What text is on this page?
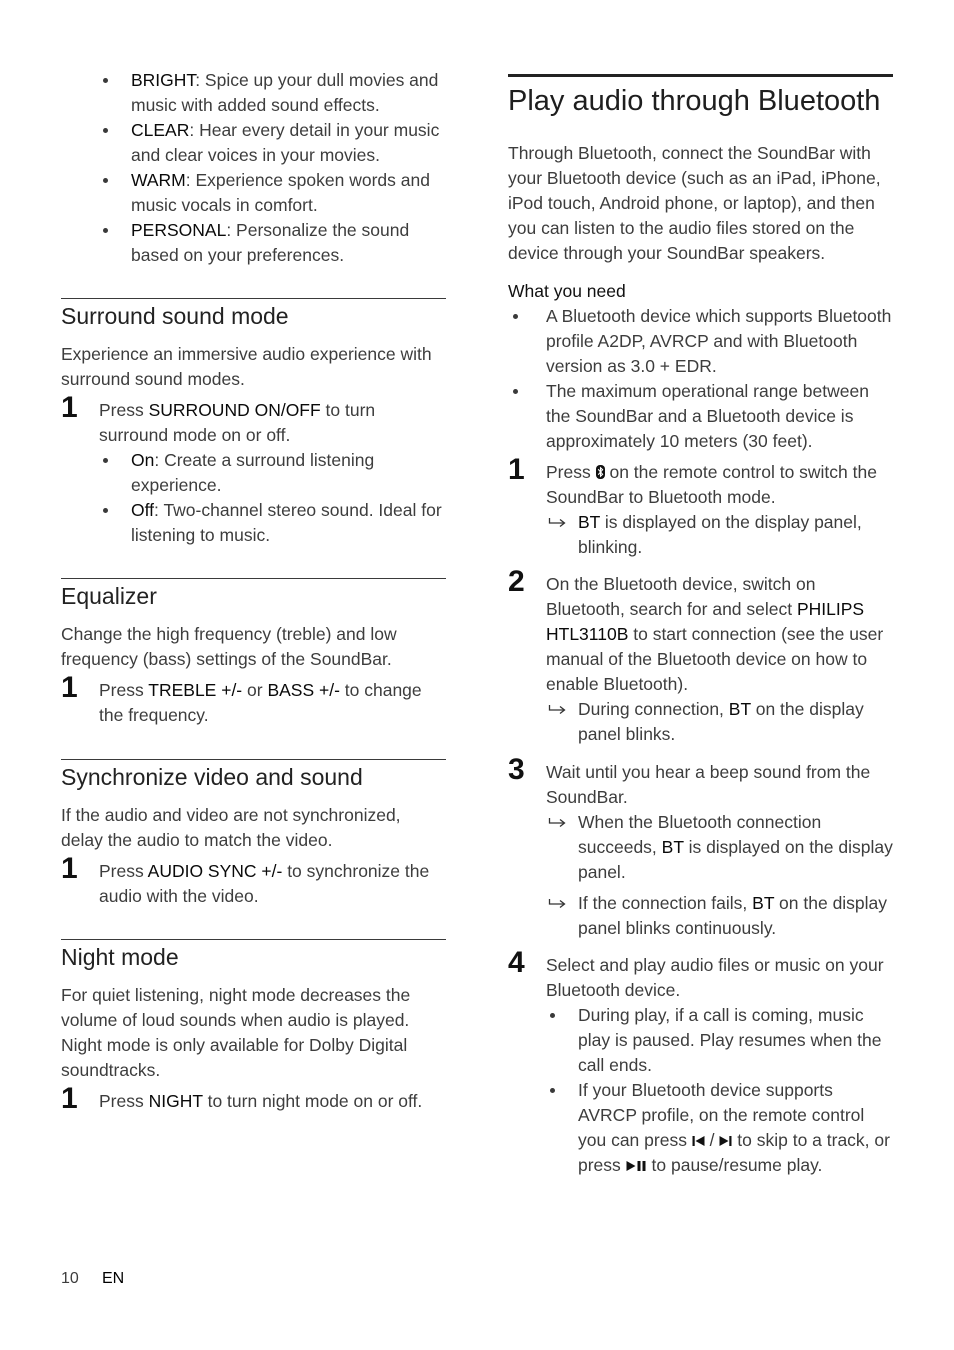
BRIGHT: Spice up your dull movies and music with added sound effects.
CLEAR: Hear every detail in your music and clear voices in your movies.
WARM: Experience spoken words and music vocals in comfort.
PERSONAL: Personalize the sound based on your preferences.
Surround sound mode

Experience an immersive audio experience with surround sound modes.

1 Press SURROUND ON/OFF to turn surround mode on or off.
On: Create a surround listening experience.
Off: Two-channel stereo sound. Ideal for listening to music.
Equalizer

Change the high frequency (treble) and low frequency (bass) settings of the SoundBar.

1 Press TREBLE +/- or BASS +/- to change the frequency.
Synchronize video and sound

If the audio and video are not synchronized, delay the audio to match the video.

1 Press AUDIO SYNC +/- to synchronize the audio with the video.
Night mode

For quiet listening, night mode decreases the volume of loud sounds when audio is played. Night mode is only available for Dolby Digital soundtracks.

1 Press NIGHT to turn night mode on or off.
Play audio through Bluetooth

Through Bluetooth, connect the SoundBar with your Bluetooth device (such as an iPad, iPhone, iPod touch, Android phone, or laptop), and then you can listen to the audio files stored on the device through your SoundBar speakers.

What you need
A Bluetooth device which supports Bluetooth profile A2DP, AVRCP and with Bluetooth version as 3.0 + EDR.
The maximum operational range between the SoundBar and a Bluetooth device is approximately 10 meters (30 feet).
1 Press  on the remote control to switch the SoundBar to Bluetooth mode.
BT is displayed on the display panel, blinking.
2 On the Bluetooth device, switch on Bluetooth, search for and select PHILIPS HTL3110B to start connection (see the user manual of the Bluetooth device on how to enable Bluetooth).
During connection, BT on the display panel blinks.
3 Wait until you hear a beep sound from the SoundBar.
When the Bluetooth connection succeeds, BT is displayed on the display panel.
If the connection fails, BT on the display panel blinks continuously.
4 Select and play audio files or music on your Bluetooth device.
During play, if a call is coming, music play is paused. Play resumes when the call ends.
If your Bluetooth device supports AVRCP profile, on the remote control you can press  /  to skip to a track, or press  to pause/resume play.
10 EN
